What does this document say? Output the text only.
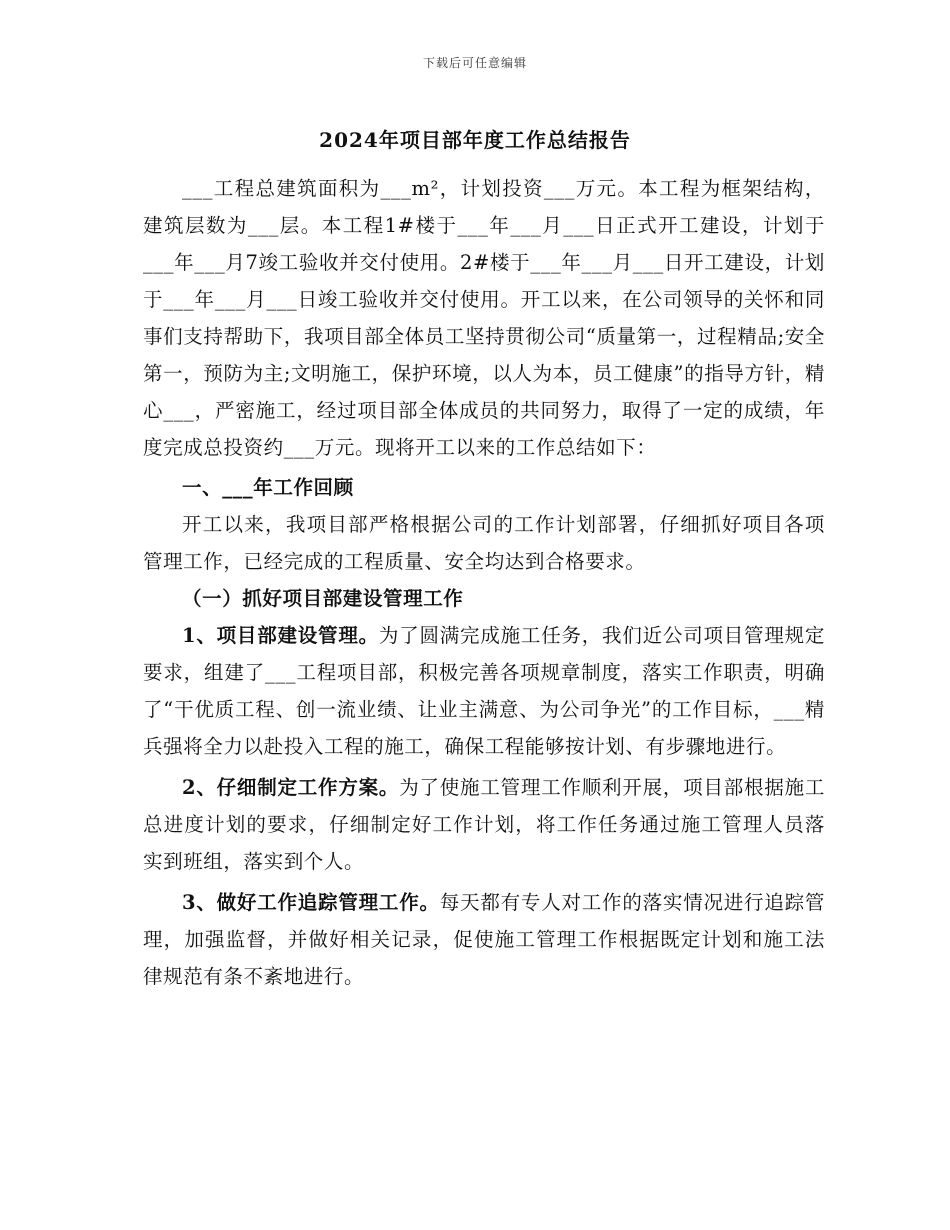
下载后可任意编辑
2024年项目部年度工作总结报告

___工程总建筑面积为___m²，计划投资___万元。本工程为框架结构，建筑层数为___层。本工程1#楼于___年___月___日正式开工建设，计划于___年___月7竣工验收并交付使用。2#楼于___年___月___日开工建设，计划于___年___月___日竣工验收并交付使用。开工以来，在公司领导的关怀和同事们支持帮助下，我项目部全体员工坚持贯彻公司“质量第一，过程精品;安全第一，预防为主;文明施工，保护环境，以人为本，员工健康”的指导方针，精心___，严密施工，经过项目部全体成员的共同努力，取得了一定的成绩，年度完成总投资约___万元。现将开工以来的工作总结如下：

一、___年工作回顾

开工以来，我项目部严格根据公司的工作计划部署，仔细抓好项目各项管理工作，已经完成的工程质量、安全均达到合格要求。

（一）抓好项目部建设管理工作

1、项目部建设管理。为了圆满完成施工任务，我们近公司项目管理规定要求，组建了___工程项目部，积极完善各项规章制度，落实工作职责，明确了“干优质工程、创一流业绩、让业主满意、为公司争光”的工作目标，___精兵强将全力以赴投入工程的施工，确保工程能够按计划、有步骤地进行。

2、仔细制定工作方案。为了使施工管理工作顺利开展，项目部根据施工总进度计划的要求，仔细制定好工作计划，将工作任务通过施工管理人员落实到班组，落实到个人。

3、做好工作追踪管理工作。每天都有专人对工作的落实情况进行追踪管理，加强监督，并做好相关记录，促使施工管理工作根据既定计划和施工法律规范有条不紊地进行。
